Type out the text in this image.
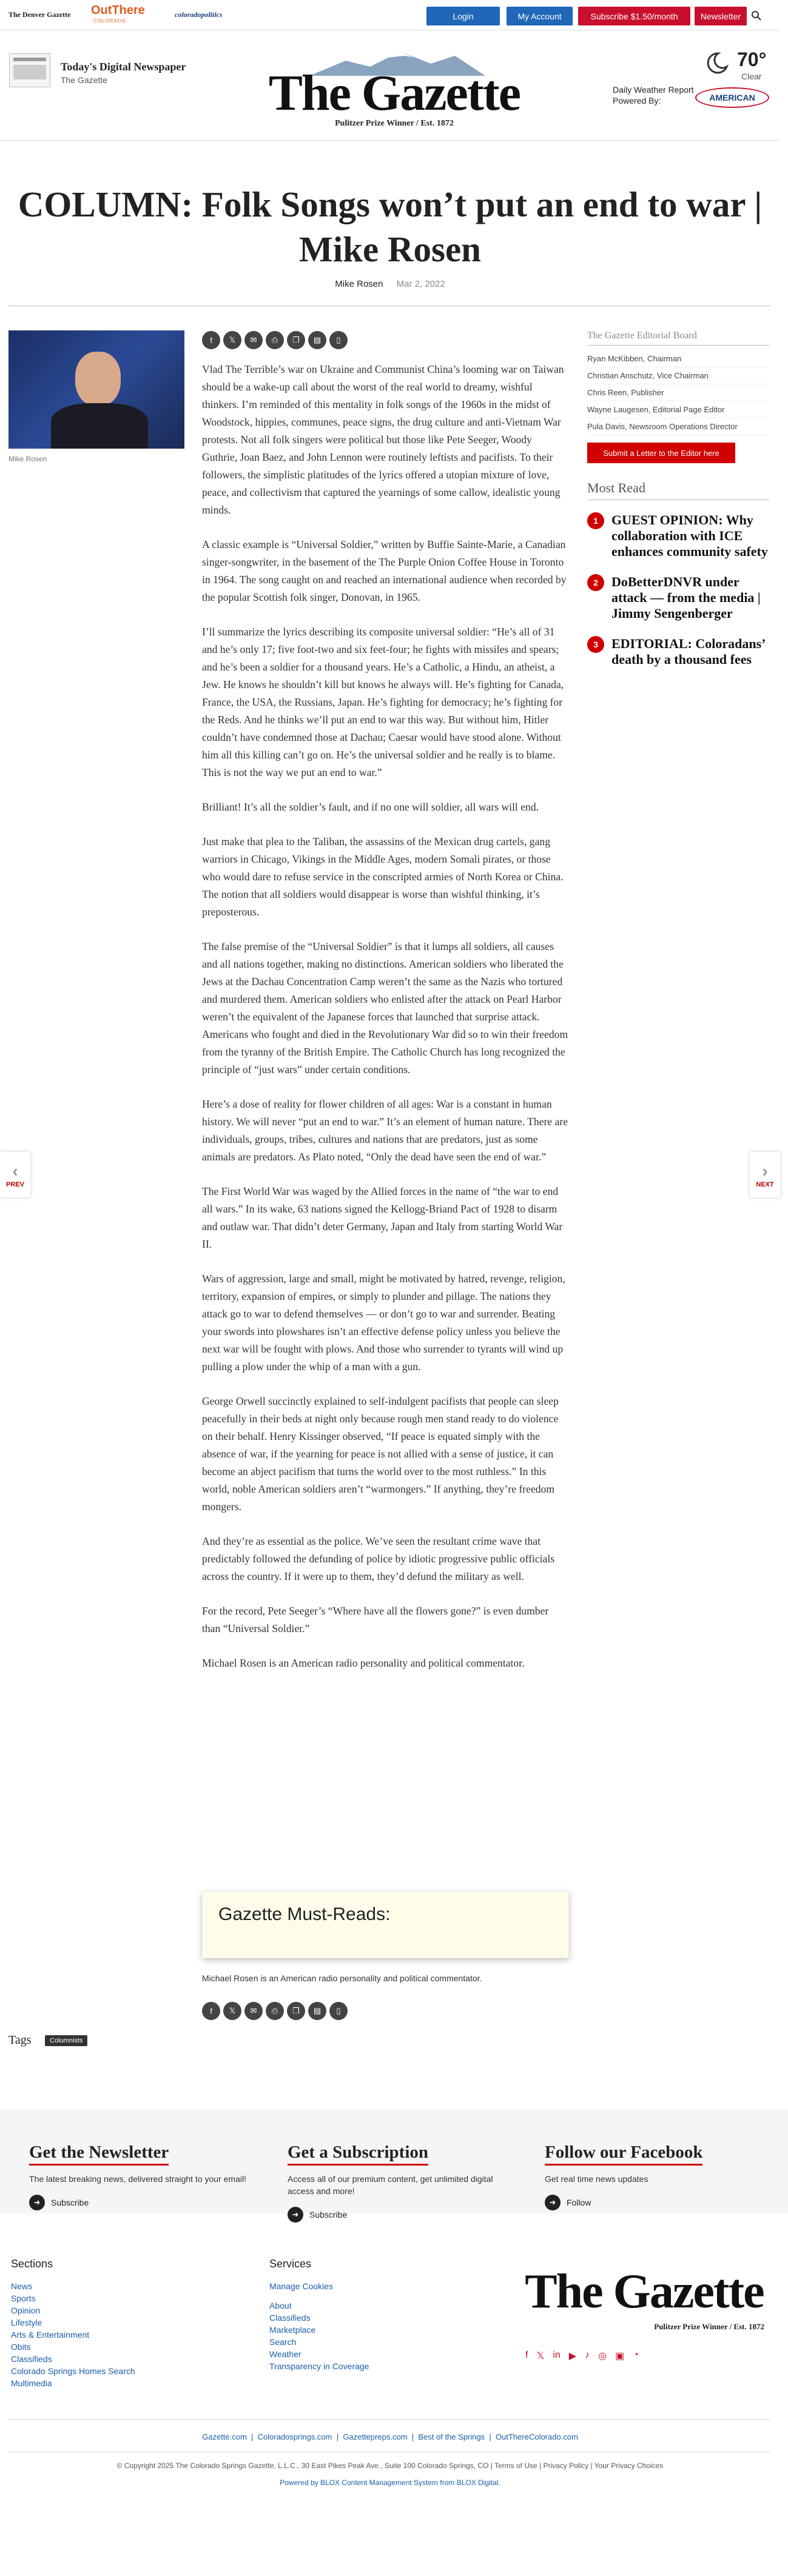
The Denver Gazette OutThere
COLORADO
coloradopolitics	Login	My Account	Subscribe $1.50/month	Newsletter
Today's Digital Newspaper
The Gazette	The Gazette
Pulitzer Prize Winner / Est. 1872
70°
Clear
Daily Weather Report
Powered By:	AMERICAN
COLUMN: Folk Songs won’t put an end to war | Mike Rosen
Mike Rosen Mar 2, 2022
Mike Rosen
f	𝕏	✉	⎙	❐	▤	▯

Vlad The Terrible’s war on Ukraine and Communist China’s looming war on Taiwan should be a wake-up call about the worst of the real world to dreamy, wishful thinkers. I’m reminded of this mentality in folk songs of the 1960s in the midst of Woodstock, hippies, communes, peace signs, the drug culture and anti-Vietnam War protests. Not all folk singers were political but those like Pete Seeger, Woody Guthrie, Joan Baez, and John Lennon were routinely leftists and pacifists. To their followers, the simplistic platitudes of the lyrics offered a utopian mixture of love, peace, and collectivism that captured the yearnings of some callow, idealistic young minds.

A classic example is “Universal Soldier,” written by Buffie Sainte-Marie, a Canadian singer-songwriter, in the basement of the The Purple Onion Coffee House in Toronto in 1964. The song caught on and reached an international audience when recorded by the popular Scottish folk singer, Donovan, in 1965.

I’ll summarize the lyrics describing its composite universal soldier: “He’s all of 31 and he’s only 17; five foot-two and six feet-four; he fights with missiles and spears; and he’s been a soldier for a thousand years. He’s a Catholic, a Hindu, an atheist, a Jew. He knows he shouldn’t kill but knows he always will. He’s fighting for Canada, France, the USA, the Russians, Japan. He’s fighting for democracy; he’s fighting for the Reds. And he thinks we’ll put an end to war this way. But without him, Hitler couldn’t have condemned those at Dachau; Caesar would have stood alone. Without him all this killing can’t go on. He’s the universal soldier and he really is to blame. This is not the way we put an end to war.”

Brilliant! It’s all the soldier’s fault, and if no one will soldier, all wars will end.

Just make that plea to the Taliban, the assassins of the Mexican drug cartels, gang warriors in Chicago, Vikings in the Middle Ages, modern Somali pirates, or those who would dare to refuse service in the conscripted armies of North Korea or China. The notion that all soldiers would disappear is worse than wishful thinking, it’s preposterous.

The false premise of the “Universal Soldier” is that it lumps all soldiers, all causes and all nations together, making no distinctions. American soldiers who liberated the Jews at the Dachau Concentration Camp weren’t the same as the Nazis who tortured and murdered them. American soldiers who enlisted after the attack on Pearl Harbor weren’t the equivalent of the Japanese forces that launched that surprise attack. Americans who fought and died in the Revolutionary War did so to win their freedom from the tyranny of the British Empire. The Catholic Church has long recognized the principle of “just wars” under certain conditions.

Here’s a dose of reality for flower children of all ages: War is a constant in human history. We will never “put an end to war.” It’s an element of human nature. There are individuals, groups, tribes, cultures and nations that are predators, just as some animals are predators. As Plato noted, “Only the dead have seen the end of war.”

The First World War was waged by the Allied forces in the name of “the war to end all wars.” In its wake, 63 nations signed the Kellogg-Briand Pact of 1928 to disarm and outlaw war. That didn’t deter Germany, Japan and Italy from starting World War II.

Wars of aggression, large and small, might be motivated by hatred, revenge, religion, territory, expansion of empires, or simply to plunder and pillage. The nations they attack go to war to defend themselves — or don’t go to war and surrender. Beating your swords into plowshares isn’t an effective defense policy unless you believe the next war will be fought with plows. And those who surrender to tyrants will wind up pulling a plow under the whip of a man with a gun.

George Orwell succinctly explained to self-indulgent pacifists that people can sleep peacefully in their beds at night only because rough men stand ready to do violence on their behalf. Henry Kissinger observed, “If peace is equated simply with the absence of war, if the yearning for peace is not allied with a sense of justice, it can become an abject pacifism that turns the world over to the most ruthless.” In this world, noble American soldiers aren’t “warmongers.” If anything, they’re freedom mongers.

And they’re as essential as the police. We’ve seen the resultant crime wave that predictably followed the defunding of police by idiotic progressive public officials across the country. If it were up to them, they’d defund the military as well.

For the record, Pete Seeger’s “Where have all the flowers gone?” is even dumber than “Universal Soldier.”

Michael Rosen is an American radio personality and political commentator.

Gazette Must-Reads:
Michael Rosen is an American radio personality and political commentator.
f	𝕏	✉	⎙	❐	▤	▯
Tags	Columnists
The Gazette Editorial Board
Ryan McKibben, Chairman
Christian Anschutz, Vice Chairman
Chris Reen, Publisher
Wayne Laugesen, Editorial Page Editor
Pula Davis, Newsroom Operations Director
Submit a Letter to the Editor here
Most Read
1	GUEST OPINION: Why collaboration with ICE enhances community safety
2	DoBetterDNVR under attack — from the media | Jimmy Sengenberger
3	EDITORIAL: Coloradans’ death by a thousand fees
‹
PREV
›
NEXT
Get the Newsletter

The latest breaking news, delivered straight to your email!

➜	Subscribe
Get a Subscription

Access all of our premium content, get unlimited digital access and more!

➜	Subscribe
Follow our Facebook

Get real time news updates

➜	Follow
Sections
News
Sports
Opinion
Lifestyle
Arts & Entertainment
Obits
Classifieds
Colorado Springs Homes Search
Multimedia
Services
Manage Cookies
About
Classifieds
Marketplace
Search
Weather
Transparency in Coverage
The Gazette
Pulitzer Prize Winner / Est. 1872
f 𝕏 in ▶ ♪ ◎ ▣ ◔
Gazette.com  |  Coloradosprings.com  |  Gazettepreps.com  |  Best of the Springs  |  OutThereColorado.com
© Copyright 2025 The Colorado Springs Gazette, L.L.C., 30 East Pikes Peak Ave., Suite 100 Colorado Springs, CO | Terms of Use | Privacy Policy | Your Privacy Choices
Powered by BLOX Content Management System from BLOX Digital.
